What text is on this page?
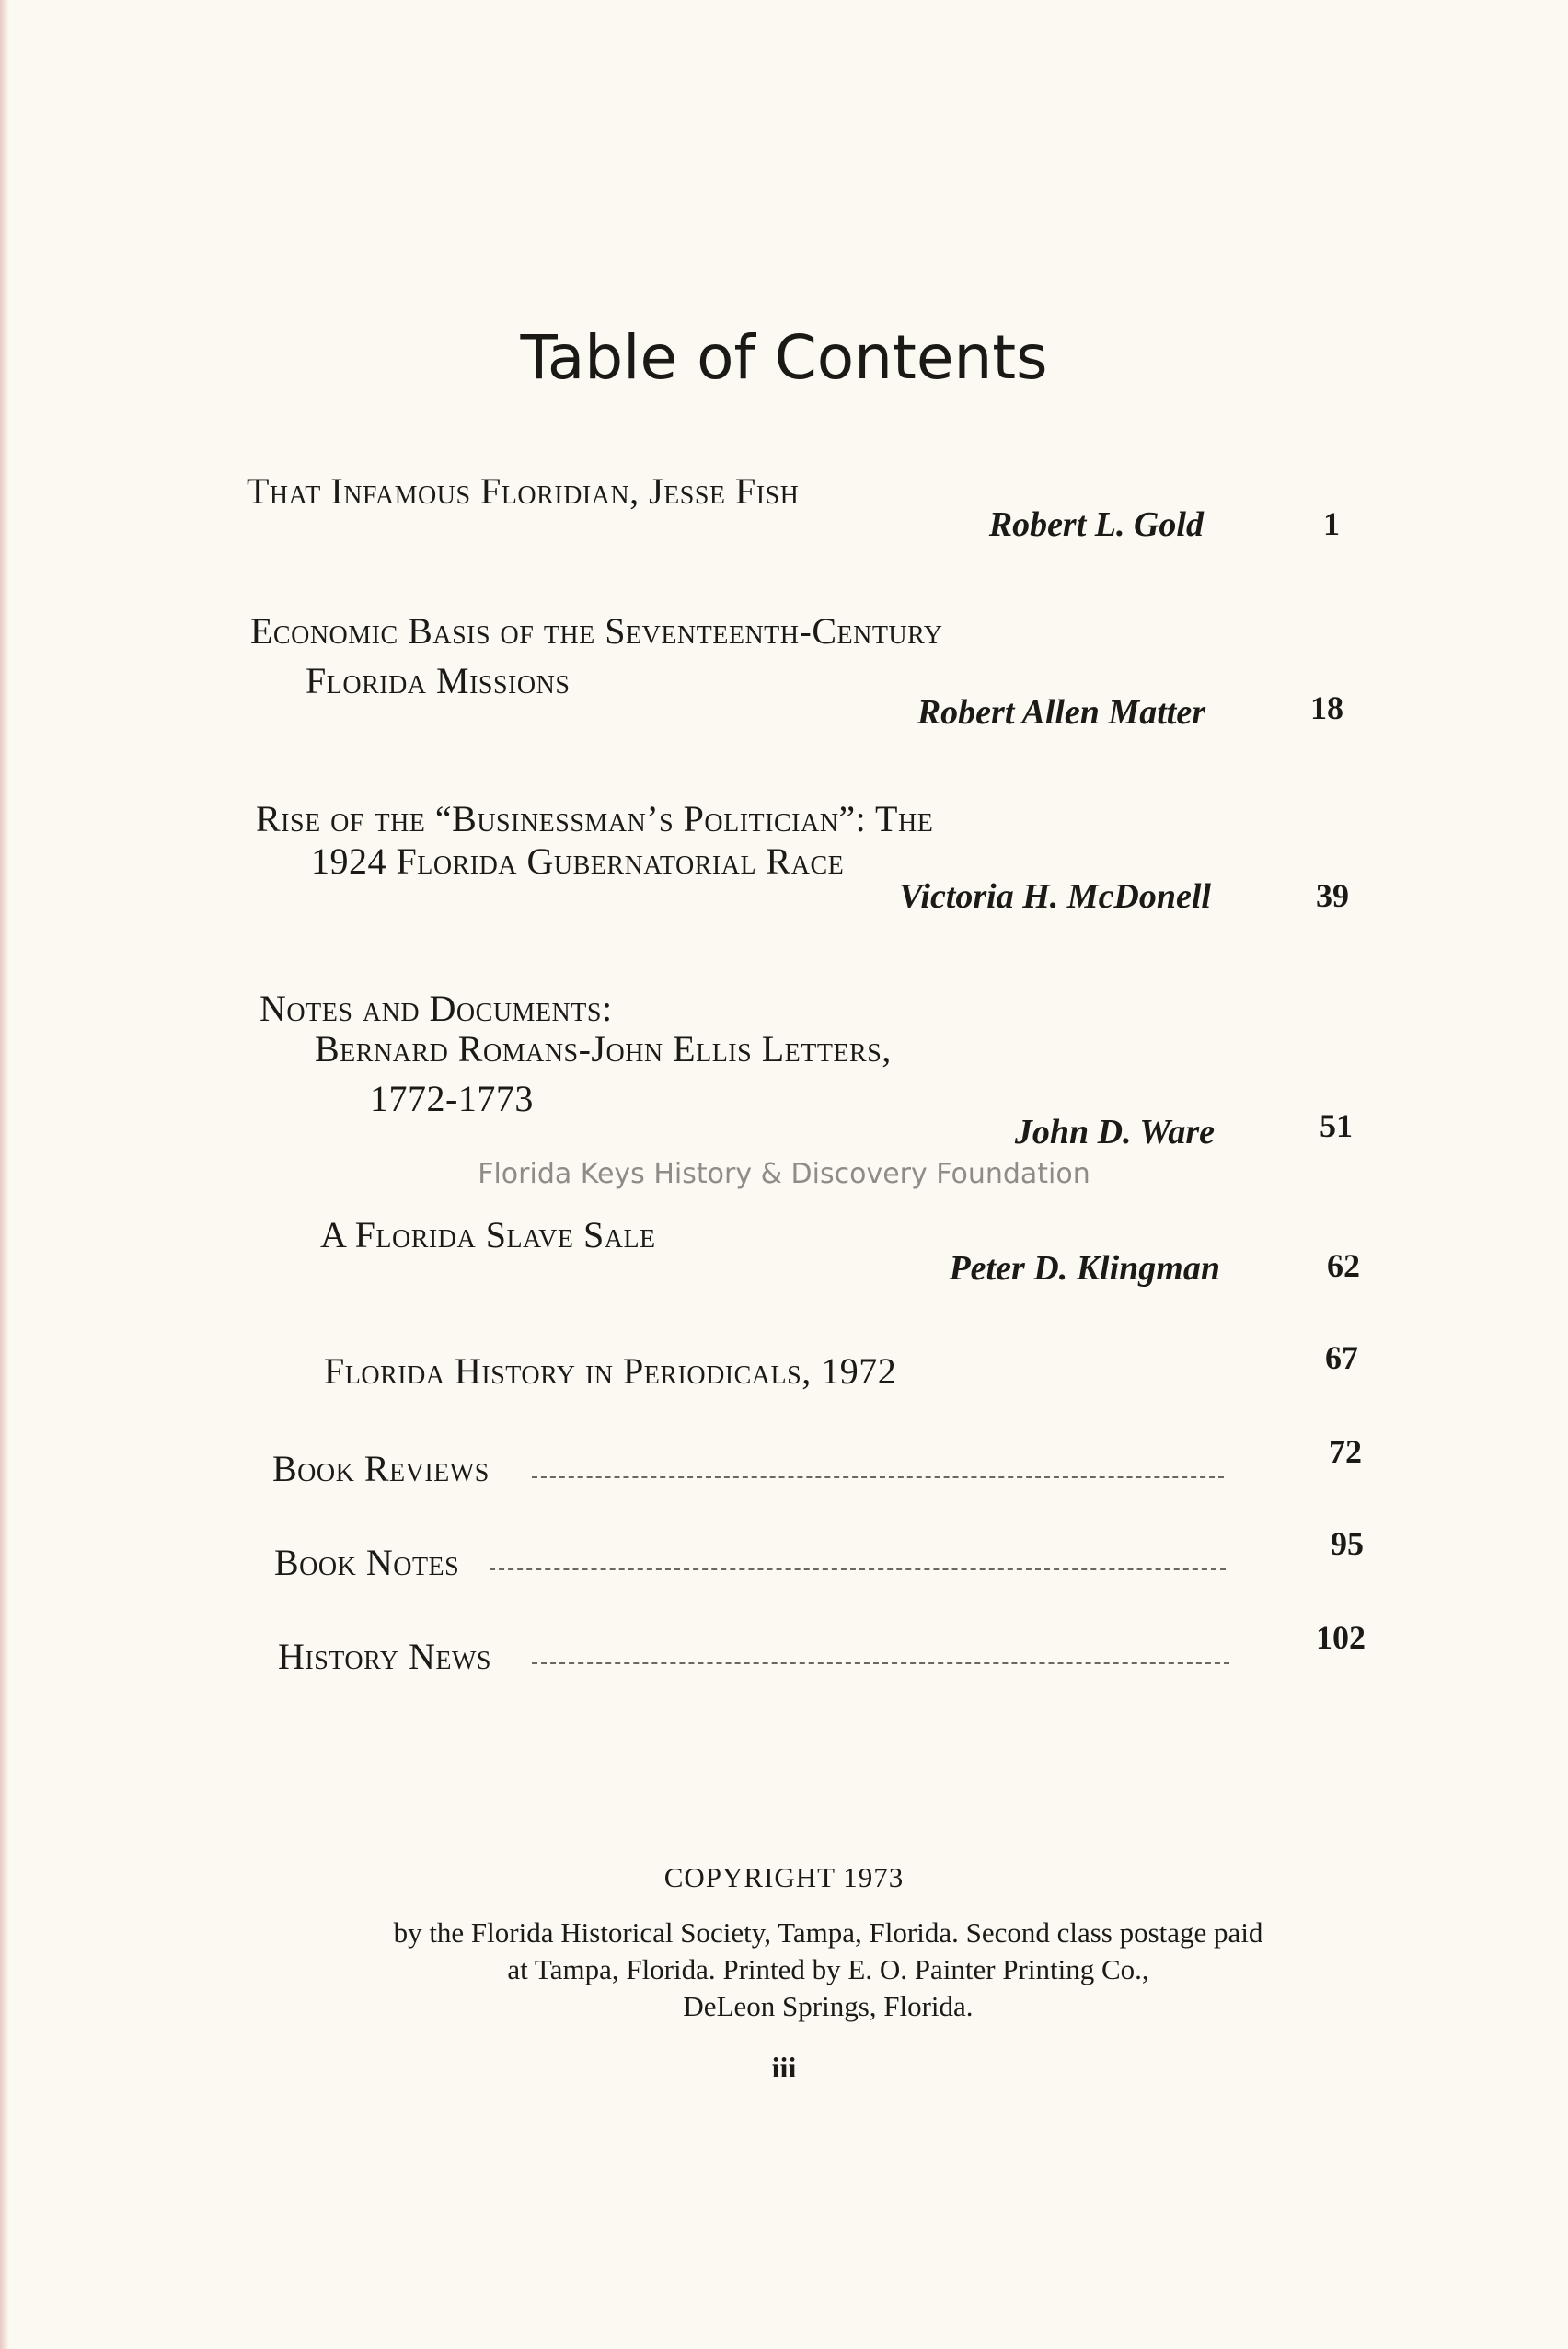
Table of Contents
That Infamous Floridian, Jesse Fish
Robert L. Gold	1
Economic Basis of the Seventeenth-Century
Florida Missions
Robert Allen Matter	18
Rise of the “Businessman’s Politician”: The
1924 Florida Gubernatorial Race
Victoria H. McDonell	39
Notes and Documents:
Bernard Romans-John Ellis Letters,
1772-1773
John D. Ware	51
Florida Keys History & Discovery Foundation
A Florida Slave Sale
Peter D. Klingman	62
Florida History in Periodicals, 1972	67
Book Reviews	72
Book Notes	95
History News	102
COPYRIGHT 1973
by the Florida Historical Society, Tampa, Florida. Second class postage paid
at Tampa, Florida. Printed by E. O. Painter Printing Co.,
DeLeon Springs, Florida.
iii
